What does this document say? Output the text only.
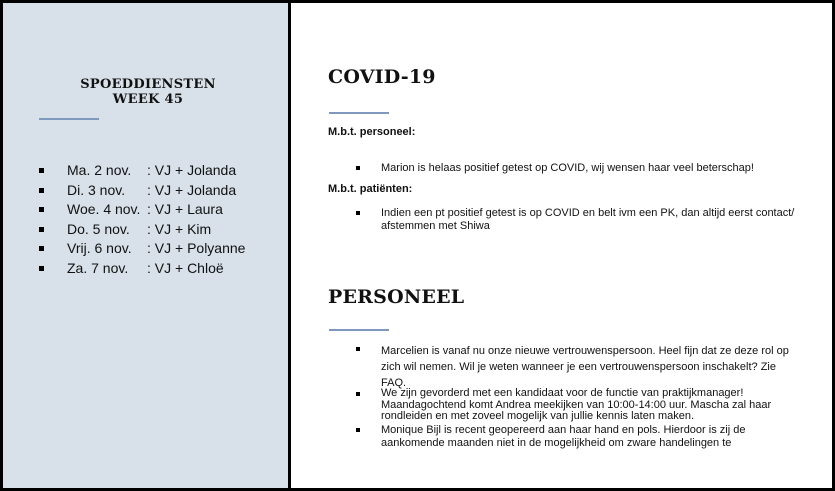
SPOEDDIENSTEN
WEEK 45
Ma. 2 nov. : VJ + Jolanda
Di. 3 nov. : VJ + Jolanda
Woe. 4 nov. : VJ + Laura
Do. 5 nov. : VJ + Kim
Vrij. 6 nov. : VJ + Polyanne
Za. 7 nov. : VJ + Chloë
COVID-19
M.b.t. personeel:
Marion is helaas positief getest op COVID, wij wensen haar veel beterschap!
M.b.t. patiënten:
Indien een pt positief getest is op COVID en belt ivm een PK, dan altijd eerst contact/ afstemmen met Shiwa
PERSONEEL
Marcelien is vanaf nu onze nieuwe vertrouwenspersoon. Heel fijn dat ze deze rol op zich wil nemen. Wil je weten wanneer je een vertrouwenspersoon inschakelt? Zie FAQ.
We zijn gevorderd met een kandidaat voor de functie van praktijkmanager! Maandagochtend komt Andrea meekijken van 10:00-14:00 uur. Mascha zal haar rondleiden en met zoveel mogelijk van jullie kennis laten maken.
Monique Bijl is recent geopereerd aan haar hand en pols. Hierdoor is zij de aankomende maanden niet in de mogelijkheid om zware handelingen te
